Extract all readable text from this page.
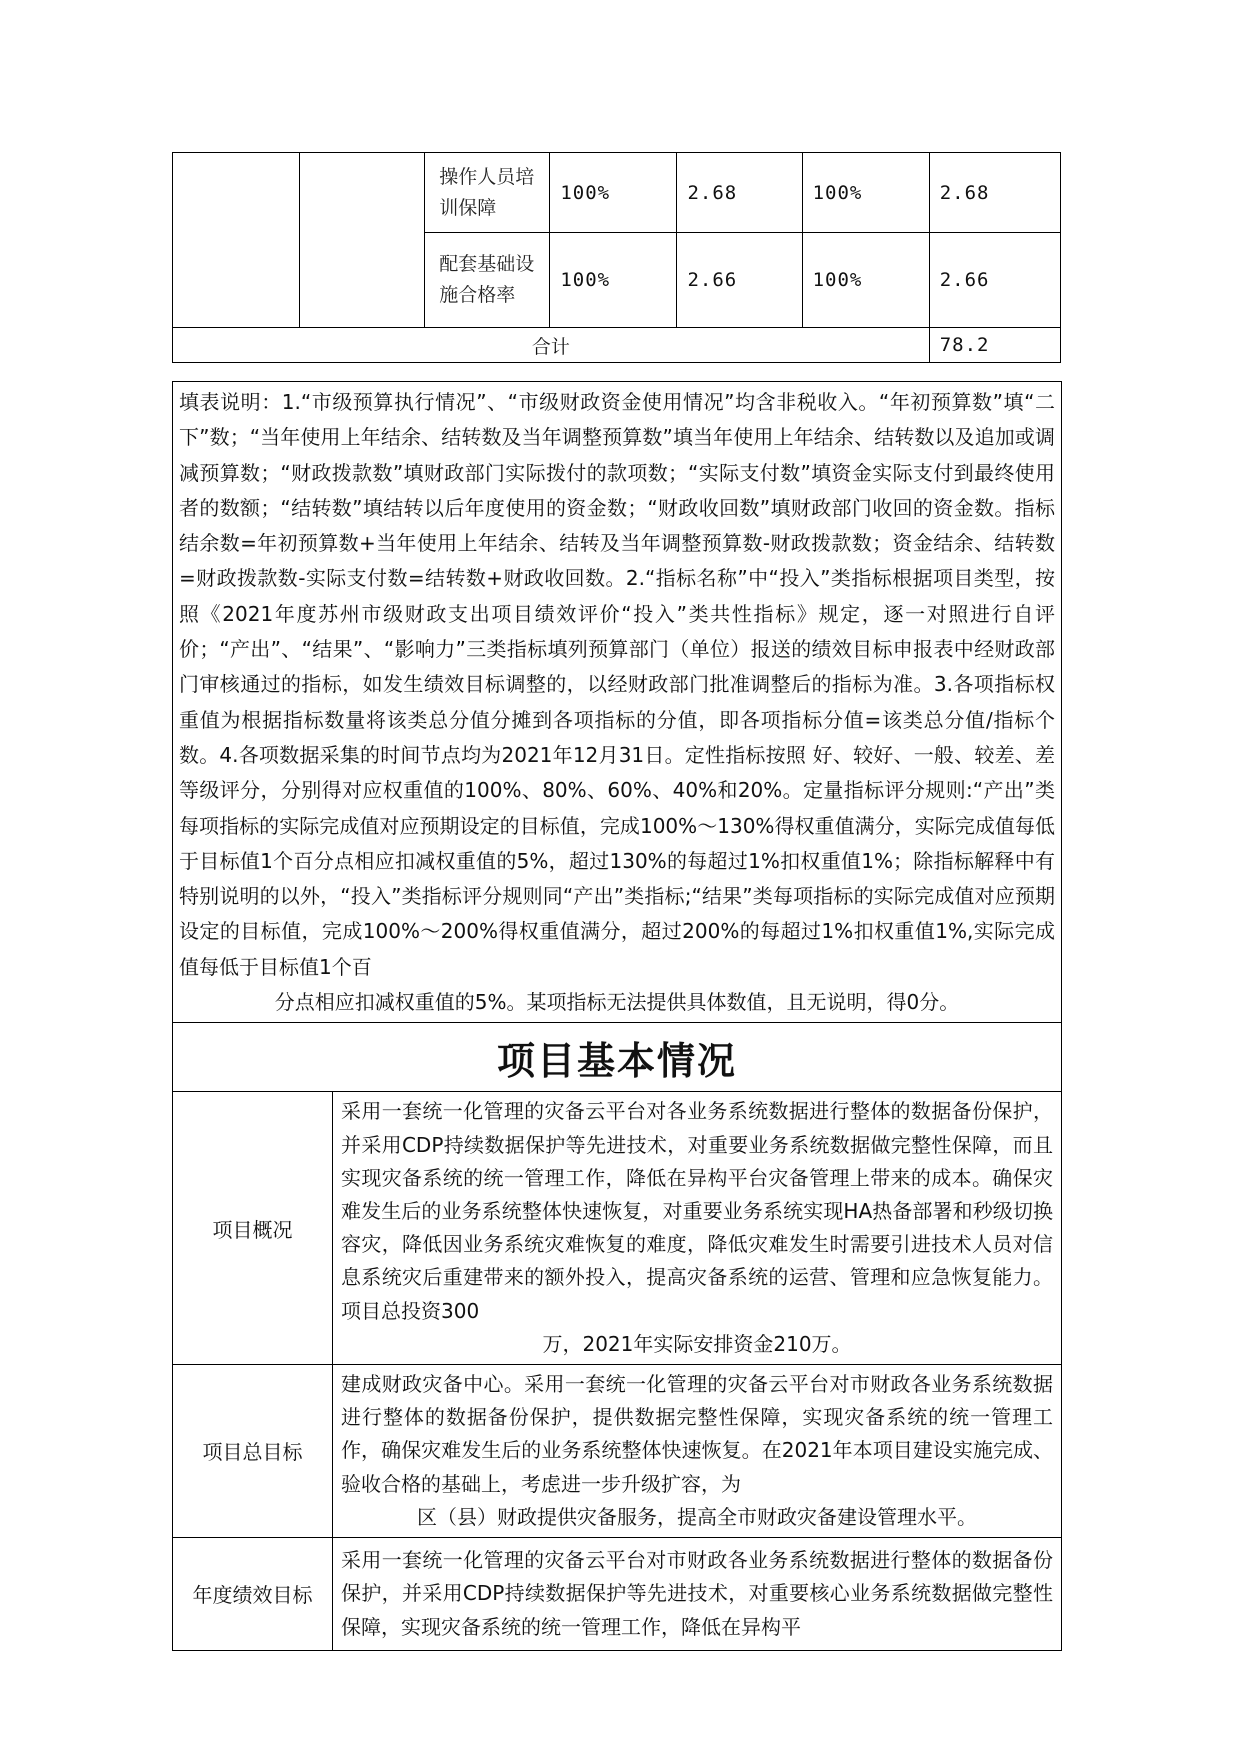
		操作人员培训保障	100%	2.68	100%	2.68
		配套基础设施合格率	100%	2.66	100%	2.66
合计						78.2
填表说明：1.“市级预算执行情况”、“市级财政资金使用情况”均含非税收入。“年初预算数”填“二下”数；“当年使用上年结余、结转数及当年调整预算数”填当年使用上年结余、结转数以及追加或调减预算数；“财政拨款数”填财政部门实际拨付的款项数；“实际支付数”填资金实际支付到最终使用者的数额；“结转数”填结转以后年度使用的资金数；“财政收回数”填财政部门收回的资金数。指标结余数=年初预算数+当年使用上年结余、结转及当年调整预算数-财政拨款数；资金结余、结转数=财政拨款数-实际支付数=结转数+财政收回数。2.“指标名称”中“投入”类指标根据项目类型，按照《2021年度苏州市级财政支出项目绩效评价“投入”类共性指标》规定，逐一对照进行自评价；“产出”、“结果”、“影响力”三类指标填列预算部门（单位）报送的绩效目标申报表中经财政部门审核通过的指标，如发生绩效目标调整的，以经财政部门批准调整后的指标为准。3.各项指标权重值为根据指标数量将该类总分值分摊到各项指标的分值，即各项指标分值=该类总分值/指标个数。4.各项数据采集的时间节点均为2021年12月31日。定性指标按照 好、较好、一般、较差、差 等级评分，分别得对应权重值的100%、80%、60%、40%和20%。定量指标评分规则:“产出”类每项指标的实际完成值对应预期设定的目标值，完成100%～130%得权重值满分，实际完成值每低于目标值1个百分点相应扣减权重值的5%，超过130%的每超过1%扣权重值1%；除指标解释中有特别说明的以外，“投入”类指标评分规则同“产出”类指标;“结果”类每项指标的实际完成值对应预期设定的目标值，完成100%～200%得权重值满分，超过200%的每超过1%扣权重值1%,实际完成值每低于目标值1个百
分点相应扣减权重值的5%。某项指标无法提供具体数值，且无说明，得0分。	

项目基本情况	
项目概况	采用一套统一化管理的灾备云平台对各业务系统数据进行整体的数据备份保护，并采用CDP持续数据保护等先进技术，对重要业务系统数据做完整性保障，而且实现灾备系统的统一管理工作，降低在异构平台灾备管理上带来的成本。确保灾难发生后的业务系统整体快速恢复，对重要业务系统实现HA热备部署和秒级切换容灾，降低因业务系统灾难恢复的难度，降低灾难发生时需要引进技术人员对信息系统灾后重建带来的额外投入，提高灾备系统的运营、管理和应急恢复能力。项目总投资300
万，2021年实际安排资金210万。

项目总目标	建成财政灾备中心。采用一套统一化管理的灾备云平台对市财政各业务系统数据进行整体的数据备份保护，提供数据完整性保障，实现灾备系统的统一管理工作，确保灾难发生后的业务系统整体快速恢复。在2021年本项目建设实施完成、验收合格的基础上，考虑进一步升级扩容，为
区（县）财政提供灾备服务，提高全市财政灾备建设管理水平。

年度绩效目标	采用一套统一化管理的灾备云平台对市财政各业务系统数据进行整体的数据备份保护，并采用CDP持续数据保护等先进技术，对重要核心业务系统数据做完整性保障，实现灾备系统的统一管理工作，降低在异构平
